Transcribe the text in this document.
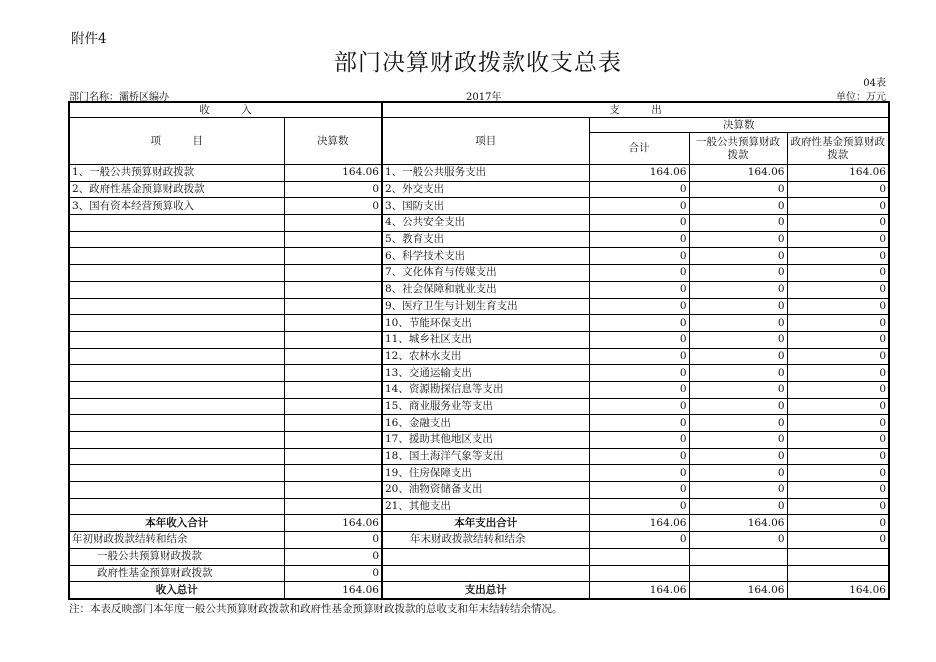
附件4
部门决算财政拨款收支总表
04表
部门名称：灞桥区编办	2017年	单位：万元
收　　　入		支　　　出			
项　　　目	决算数	项目	决算数		
			合计	一般公共预算财政拨款	政府性基金预算财政拨款
1、一般公共预算财政拨款	164.06	1、一般公共服务支出	164.06	164.06	164.06
2、政府性基金预算财政拨款	0	2、外交支出	0	0	0
3、国有资本经营预算收入	0	3、国防支出	0	0	0
		4、公共安全支出	0	0	0
		5、教育支出	0	0	0
		6、科学技术支出	0	0	0
		7、文化体育与传媒支出	0	0	0
		8、社会保障和就业支出	0	0	0
		9、医疗卫生与计划生育支出	0	0	0
		10、节能环保支出	0	0	0
		11、城乡社区支出	0	0	0
		12、农林水支出	0	0	0
		13、交通运输支出	0	0	0
		14、资源勘探信息等支出	0	0	0
		15、商业服务业等支出	0	0	0
		16、金融支出	0	0	0
		17、援助其他地区支出	0	0	0
		18、国土海洋气象等支出	0	0	0
		19、住房保障支出	0	0	0
		20、油物资储备支出	0	0	0
		21、其他支出	0	0	0
本年收入合计	164.06	本年支出合计	164.06	164.06	0
年初财政拨款结转和结余	0	年末财政拨款结转和结余	0	0	0
一般公共预算财政拨款	0				
政府性基金预算财政拨款	0				
收入总计	164.06	支出总计	164.06	164.06	164.06
注：本表反映部门本年度一般公共预算财政拨款和政府性基金预算财政拨款的总收支和年末结转结余情况。
